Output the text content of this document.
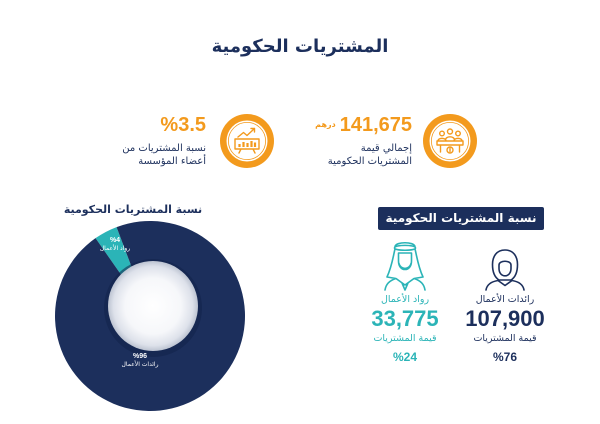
المشتريات الحكومية
141,675
درهم
إجمالي قيمة
المشتريات الحكومية
%3.5
نسبة المشتريات من
أعضاء المؤسسة
نسبة المشتريات الحكومية
%4
رواد الأعمال
%96
رائدات الأعمال
نسبة المشتريات الحكومية
رائدات الأعمال
107,900
قيمة المشتريات
%76
رواد الأعمال
33,775
قيمة المشتريات
%24
